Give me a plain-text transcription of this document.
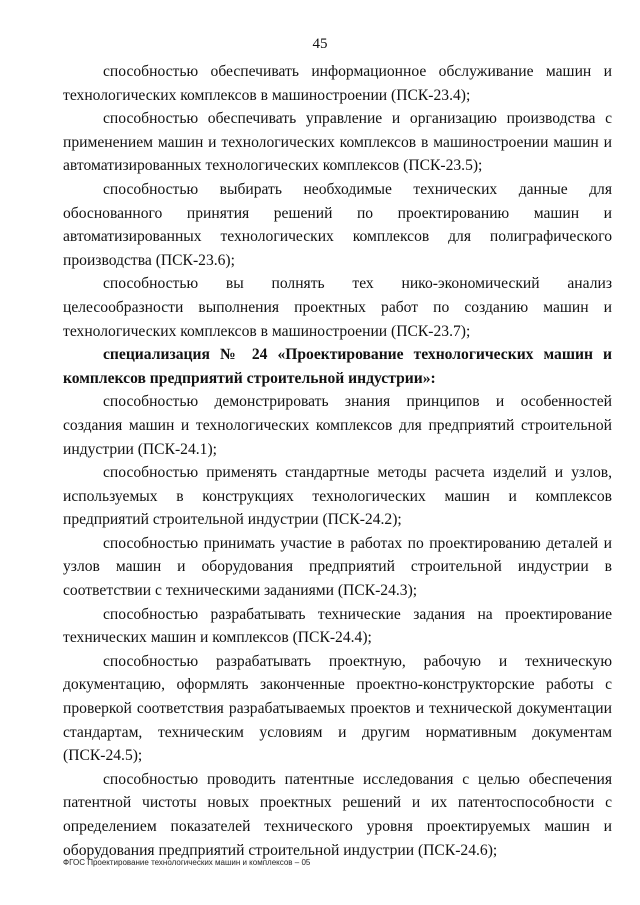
45

способностью обеспечивать информационное обслуживание машин и технологических комплексов в машиностроении (ПСК-23.4);

способностью обеспечивать управление и организацию производства с применением машин и технологических комплексов в машиностроении машин и автоматизированных технологических комплексов (ПСК-23.5);

способностью выбирать необходимые технических данные для обоснованного принятия решений по проектированию машин и автоматизированных технологических комплексов для полиграфического производства (ПСК-23.6);

способностью вы полнять тех нико-экономический анализ целесообразности выполнения проектных работ по созданию машин и технологических комплексов в машиностроении (ПСК-23.7);

специализация № 24 «Проектирование технологических машин и комплексов предприятий строительной индустрии»:

способностью демонстрировать знания принципов и особенностей создания машин и технологических комплексов для предприятий строительной индустрии (ПСК-24.1);

способностью применять стандартные методы расчета изделий и узлов, используемых в конструкциях технологических машин и комплексов предприятий строительной индустрии (ПСК-24.2);

способностью принимать участие в работах по проектированию деталей и узлов машин и оборудования предприятий строительной индустрии в соответствии с техническими заданиями (ПСК-24.3);

способностью разрабатывать технические задания на проектирование технических машин и комплексов (ПСК-24.4);

способностью разрабатывать проектную, рабочую и техническую документацию, оформлять законченные проектно-конструкторские работы с проверкой соответствия разрабатываемых проектов и технической документации стандартам, техническим условиям и другим нормативным документам (ПСК-24.5);

способностью проводить патентные исследования с целью обеспечения патентной чистоты новых проектных решений и их патентоспособности с определением показателей технического уровня проектируемых машин и оборудования предприятий строительной индустрии (ПСК-24.6);

ФГОС Проектирование технологических машин и комплексов – 05
